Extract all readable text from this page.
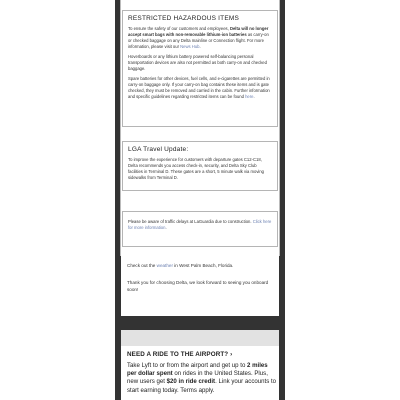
RESTRICTED HAZARDOUS ITEMS

To ensure the safety of our customers and employees, Delta will no longer accept smart bags with non-removable lithium-ion batteries as carry-on or checked baggage on any Delta mainline or Connection flight. For more information, please visit our News Hub.

Hoverboards or any lithium battery powered self-balancing personal transportation devices are also not permitted as both carry-on and checked baggage.

Spare batteries for other devices, fuel cells, and e-cigarettes are permitted in carry-on baggage only. If your carry-on bag contains these items and is gate checked, they must be removed and carried in the cabin. Further information and specific guidelines regarding restricted items can be found here.

LGA Travel Update:

To improve the experience for customers with departure gates C12-C18, Delta recommends you access check-in, security, and Delta Sky Club facilities in Terminal D. These gates are a short, 5 minute walk via moving sidewalks from Terminal D.

Please be aware of traffic delays at LaGuardia due to construction. Click here for more information.

Check out the weather in West Palm Beach, Florida.

Thank you for choosing Delta, we look forward to seeing you onboard soon!

NEED A RIDE TO THE AIRPORT? ›

Take Lyft to or from the airport and get up to 2 miles per dollar spent on rides in the United States. Plus, new users get $20 in ride credit. Link your accounts to start earning today. Terms apply.
